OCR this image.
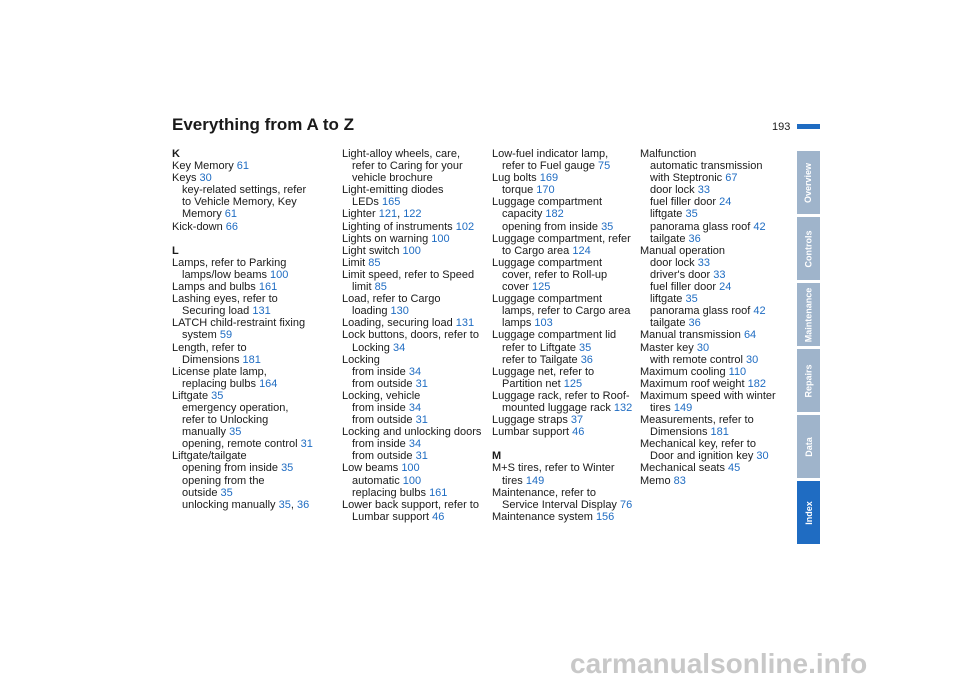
Everything from A to Z	193
K
Key Memory 61
Keys 30
key-related settings, refer
to Vehicle Memory, Key
Memory 61
Kick-down 66
L
Lamps, refer to Parking
lamps/low beams 100
Lamps and bulbs 161
Lashing eyes, refer to
Securing load 131
LATCH child-restraint fixing
system 59
Length, refer to
Dimensions 181
License plate lamp,
replacing bulbs 164
Liftgate 35
emergency operation,
refer to Unlocking
manually 35
opening, remote control 31
Liftgate/tailgate
opening from inside 35
opening from the
outside 35
unlocking manually 35, 36
Light-alloy wheels, care,
refer to Caring for your
vehicle brochure
Light-emitting diodes
LEDs 165
Lighter 121, 122
Lighting of instruments 102
Lights on warning 100
Light switch 100
Limit 85
Limit speed, refer to Speed
limit 85
Load, refer to Cargo
loading 130
Loading, securing load 131
Lock buttons, doors, refer to
Locking 34
Locking
from inside 34
from outside 31
Locking, vehicle
from inside 34
from outside 31
Locking and unlocking doors
from inside 34
from outside 31
Low beams 100
automatic 100
replacing bulbs 161
Lower back support, refer to
Lumbar support 46
Low-fuel indicator lamp,
refer to Fuel gauge 75
Lug bolts 169
torque 170
Luggage compartment
capacity 182
opening from inside 35
Luggage compartment, refer
to Cargo area 124
Luggage compartment
cover, refer to Roll-up
cover 125
Luggage compartment
lamps, refer to Cargo area
lamps 103
Luggage compartment lid
refer to Liftgate 35
refer to Tailgate 36
Luggage net, refer to
Partition net 125
Luggage rack, refer to Roof-
mounted luggage rack 132
Luggage straps 37
Lumbar support 46
M
M+S tires, refer to Winter
tires 149
Maintenance, refer to
Service Interval Display 76
Maintenance system 156
Malfunction
automatic transmission
with Steptronic 67
door lock 33
fuel filler door 24
liftgate 35
panorama glass roof 42
tailgate 36
Manual operation
door lock 33
driver's door 33
fuel filler door 24
liftgate 35
panorama glass roof 42
tailgate 36
Manual transmission 64
Master key 30
with remote control 30
Maximum cooling 110
Maximum roof weight 182
Maximum speed with winter
tires 149
Measurements, refer to
Dimensions 181
Mechanical key, refer to
Door and ignition key 30
Mechanical seats 45
Memo 83
Overview
Controls
Maintenance
Repairs
Data
Index
carmanualsonline.info
